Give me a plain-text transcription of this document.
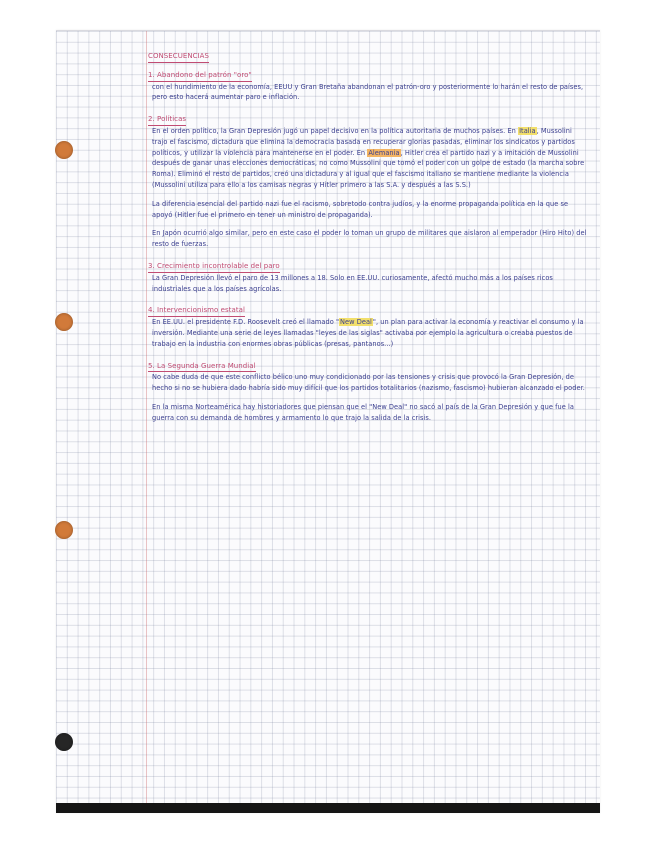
CONSECUENCIAS
1. Abandono del patrón "oro"

con el hundimiento de la economía, EEUU y Gran Bretaña abandonan el patrón-oro y posteriormente lo harán el resto de países, pero esto hacerá aumentar paro e inflación.

2. Políticas

En el orden político, la Gran Depresión jugó un papel decisivo en la política autoritaria de muchos países. En Italia, Mussolini trajo el fascismo, dictadura que elimina la democracia basada en recuperar glorias pasadas, eliminar los sindicatos y partidos políticos, y utilizar la violencia para mantenerse en el poder. En Alemania, Hitler crea el partido nazi y a imitación de Mussolini después de ganar unas elecciones democráticas, no como Mussolini que tomó el poder con un golpe de estado (la marcha sobre Roma). Eliminó el resto de partidos, creó una dictadura y al igual que el fascismo italiano se mantiene mediante la violencia (Mussolini utiliza para ello a los camisas negras y Hitler primero a las S.A. y después a las S.S.)

La diferencia esencial del partido nazi fue el racismo, sobretodo contra judíos, y la enorme propaganda política en la que se apoyó (Hitler fue el primero en tener un ministro de propaganda).

En Japón ocurrió algo similar, pero en este caso el poder lo toman un grupo de militares que aislaron al emperador (Hiro Hito) del resto de fuerzas.

3. Crecimiento incontrolable del paro

La Gran Depresión llevó el paro de 13 millones a 18. Solo en EE.UU. curiosamente, afectó mucho más a los países ricos industriales que a los países agrícolas.

4. Intervencionismo estatal

En EE.UU. el presidente F.D. Roosevelt creó el llamado "New Deal", un plan para activar la economía y reactivar el consumo y la inversión. Mediante una serie de leyes llamadas "leyes de las siglas" activaba por ejemplo la agricultura o creaba puestos de trabajo en la industria con enormes obras públicas (presas, pantanos...)

5. La Segunda Guerra Mundial

No cabe duda de que este conflicto bélico uno muy condicionado por las tensiones y crisis que provocó la Gran Depresión, de hecho si no se hubiera dado habría sido muy difícil que los partidos totalitarios (nazismo, fascismo) hubieran alcanzado el poder.

En la misma Norteamérica hay historiadores que piensan que el "New Deal" no sacó al país de la Gran Depresión y que fue la guerra con su demanda de hombres y armamento lo que trajo la salida de la crisis.
